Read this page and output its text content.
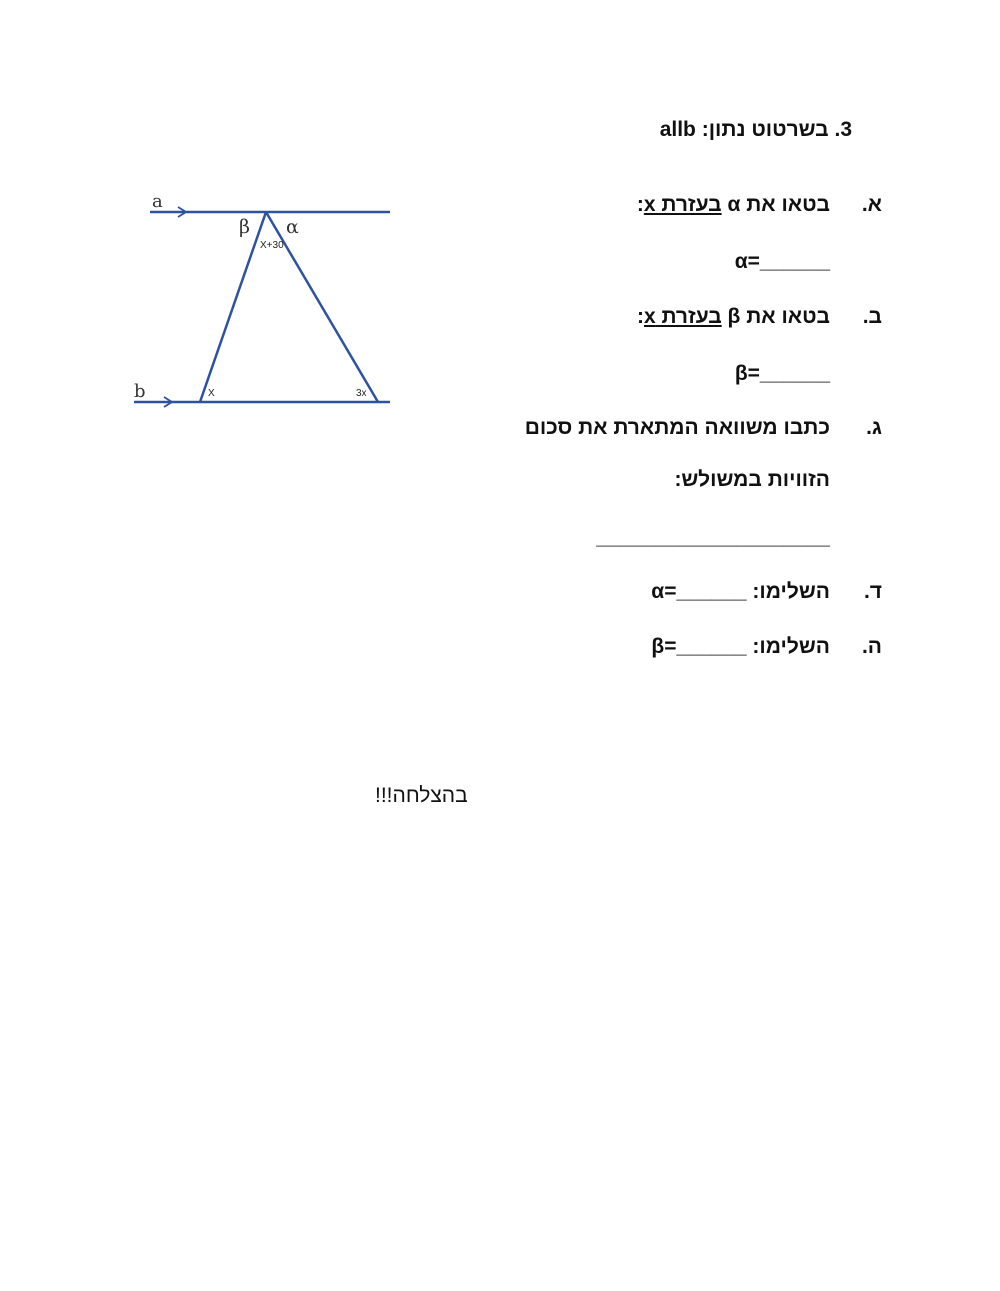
3. בשרטוט נתון: allb
a
b
β α
X+30
X	3x
א.
בטאו את α בעזרת x:
α=______
ב.
בטאו את β בעזרת x:
β=______
ג.
כתבו משוואה המתארת את סכום
הזוויות במשולש:
____________________
ד.
השלימו: ______=α
ה.
השלימו: ______=β
בהצלחה!!!
